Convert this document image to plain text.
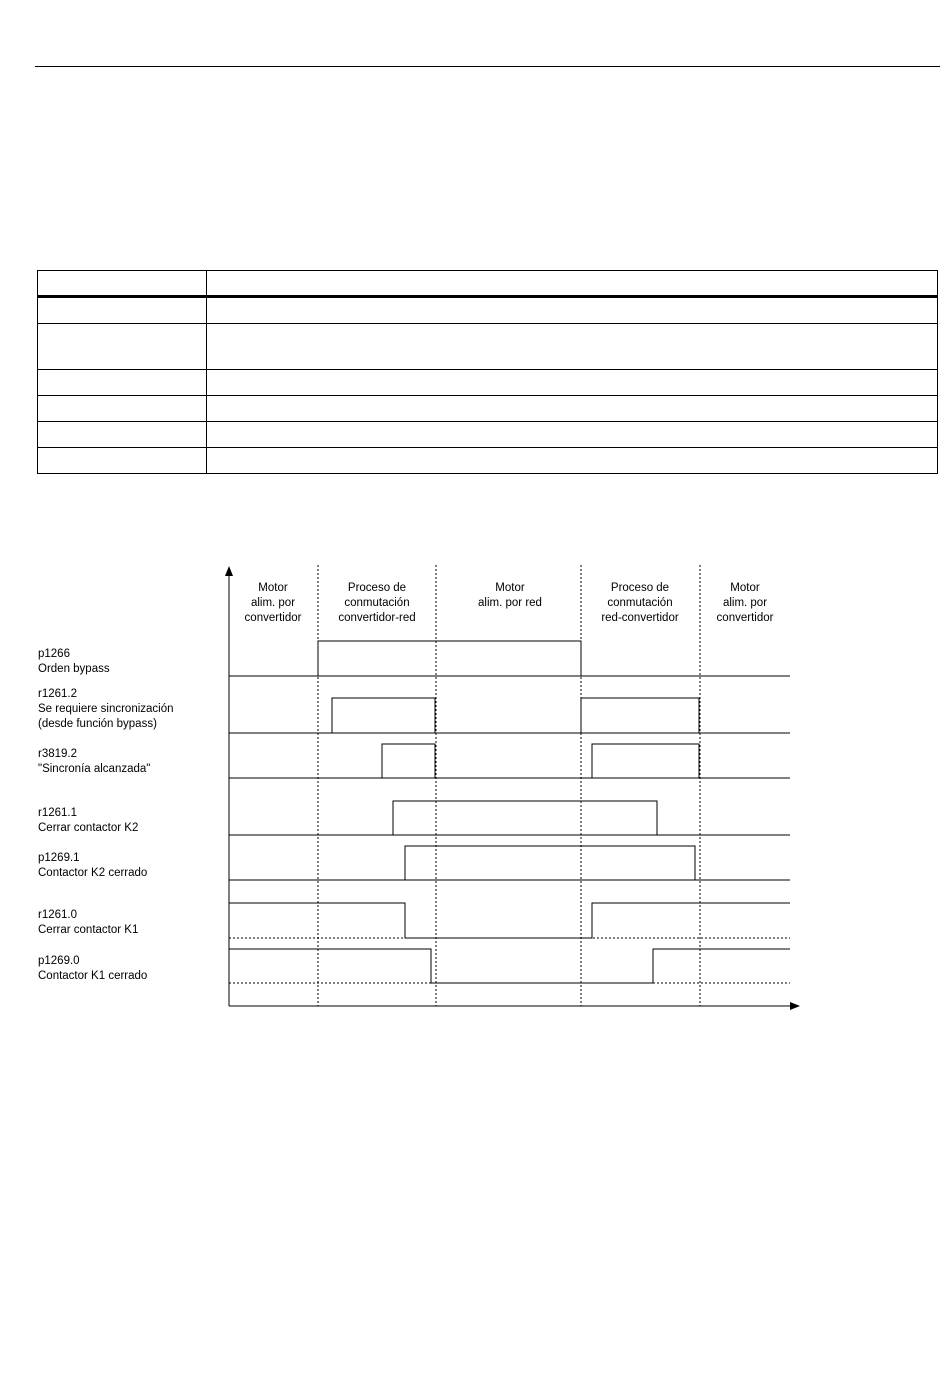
Motor alim. por convertidor
Proceso de conmutación convertidor-red
Motor alim. por red
Proceso de conmutación red-convertidor
Motor alim. por convertidor
p1266 Orden bypass
r1261.2 Se requiere sincronización (desde función bypass)
r3819.2 "Sincronía alcanzada"
r1261.1 Cerrar contactor K2
p1269.1 Contactor K2 cerrado
r1261.0 Cerrar contactor K1
p1269.0 Contactor K1 cerrado
